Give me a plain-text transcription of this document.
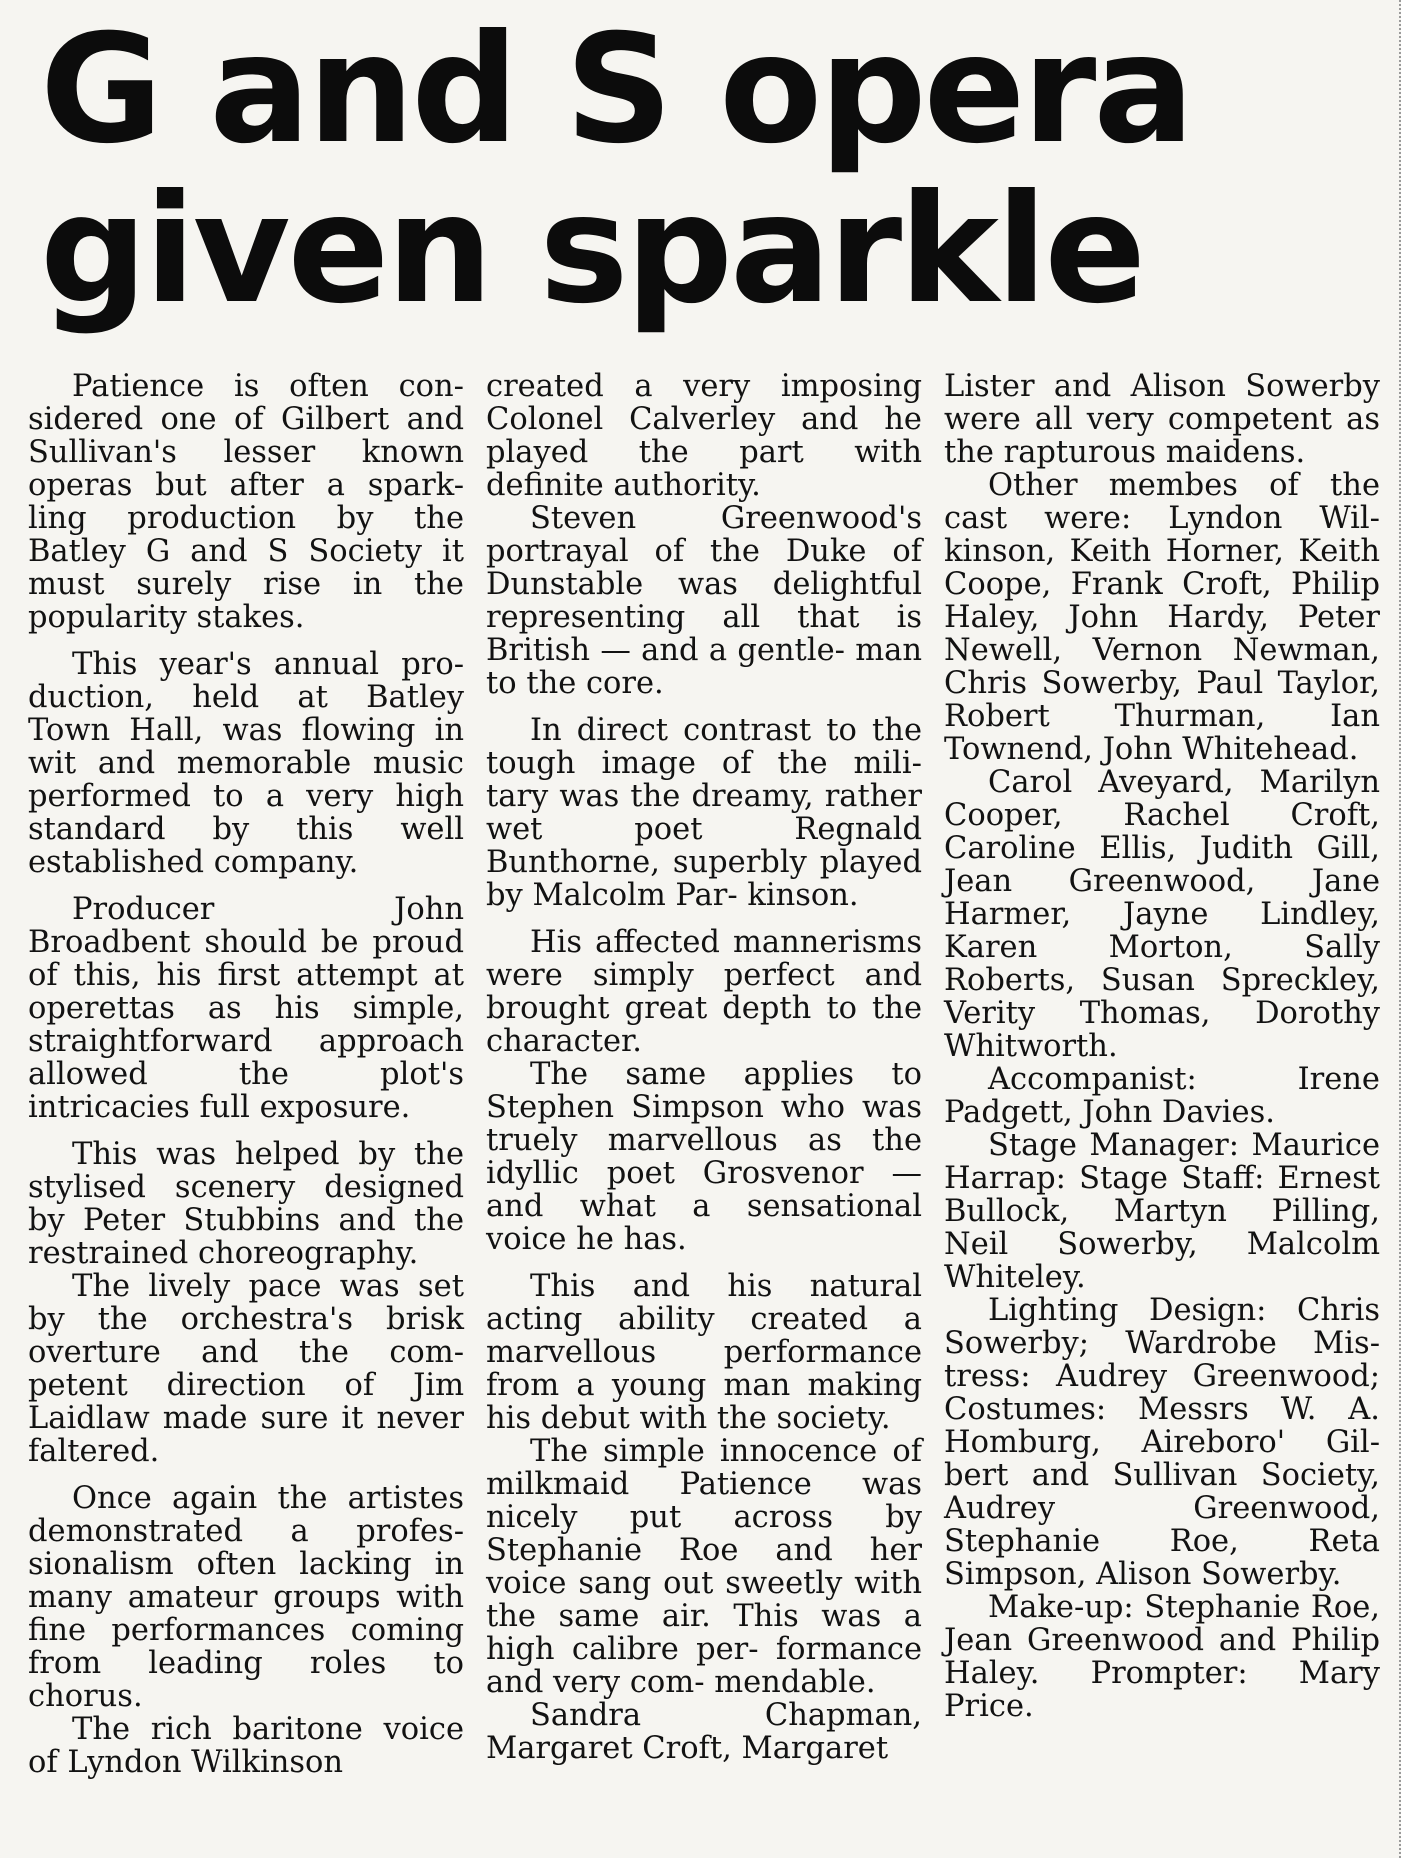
G and S opera
given sparkle

Patience is often con- sidered one of Gilbert and Sullivan's lesser known operas but after a spark- ling production by the Batley G and S Society it must surely rise in the popularity stakes.

This year's annual pro- duction, held at Batley Town Hall, was flowing in wit and memorable music performed to a very high standard by this well established company.

Producer John Broadbent should be proud of this, his first attempt at operettas as his simple, straightforward approach allowed the plot's intricacies full exposure.

This was helped by the stylised scenery designed by Peter Stubbins and the restrained choreography.

The lively pace was set by the orchestra's brisk overture and the com- petent direction of Jim Laidlaw made sure it never faltered.

Once again the artistes demonstrated a profes- sionalism often lacking in many amateur groups with fine performances coming from leading roles to chorus.

The rich baritone voice of Lyndon Wilkinson

created a very imposing Colonel Calverley and he played the part with definite authority.

Steven Greenwood's portrayal of the Duke of Dunstable was delightful representing all that is British — and a gentle- man to the core.

In direct contrast to the tough image of the mili- tary was the dreamy, rather wet poet Regnald Bunthorne, superbly played by Malcolm Par- kinson.

His affected mannerisms were simply perfect and brought great depth to the character.

The same applies to Stephen Simpson who was truely marvellous as the idyllic poet Grosvenor — and what a sensational voice he has.

This and his natural acting ability created a marvellous performance from a young man making his debut with the society.

The simple innocence of milkmaid Patience was nicely put across by Stephanie Roe and her voice sang out sweetly with the same air. This was a high calibre per- formance and very com- mendable.

Sandra Chapman, Margaret Croft, Margaret

Lister and Alison Sowerby were all very competent as the rapturous maidens.

Other membes of the cast were: Lyndon Wil- kinson, Keith Horner, Keith Coope, Frank Croft, Philip Haley, John Hardy, Peter Newell, Vernon Newman, Chris Sowerby, Paul Taylor, Robert Thurman, Ian Townend, John Whitehead.

Carol Aveyard, Marilyn Cooper, Rachel Croft, Caroline Ellis, Judith Gill, Jean Greenwood, Jane Harmer, Jayne Lindley, Karen Morton, Sally Roberts, Susan Spreckley, Verity Thomas, Dorothy Whitworth.

Accompanist: Irene Padgett, John Davies.

Stage Manager: Maurice Harrap: Stage Staff: Ernest Bullock, Martyn Pilling, Neil Sowerby, Malcolm Whiteley.

Lighting Design: Chris Sowerby; Wardrobe Mis- tress: Audrey Greenwood; Costumes: Messrs W. A. Homburg, Aireboro' Gil- bert and Sullivan Society, Audrey Greenwood, Stephanie Roe, Reta Simpson, Alison Sowerby.

Make-up: Stephanie Roe, Jean Greenwood and Philip Haley. Prompter: Mary Price.
